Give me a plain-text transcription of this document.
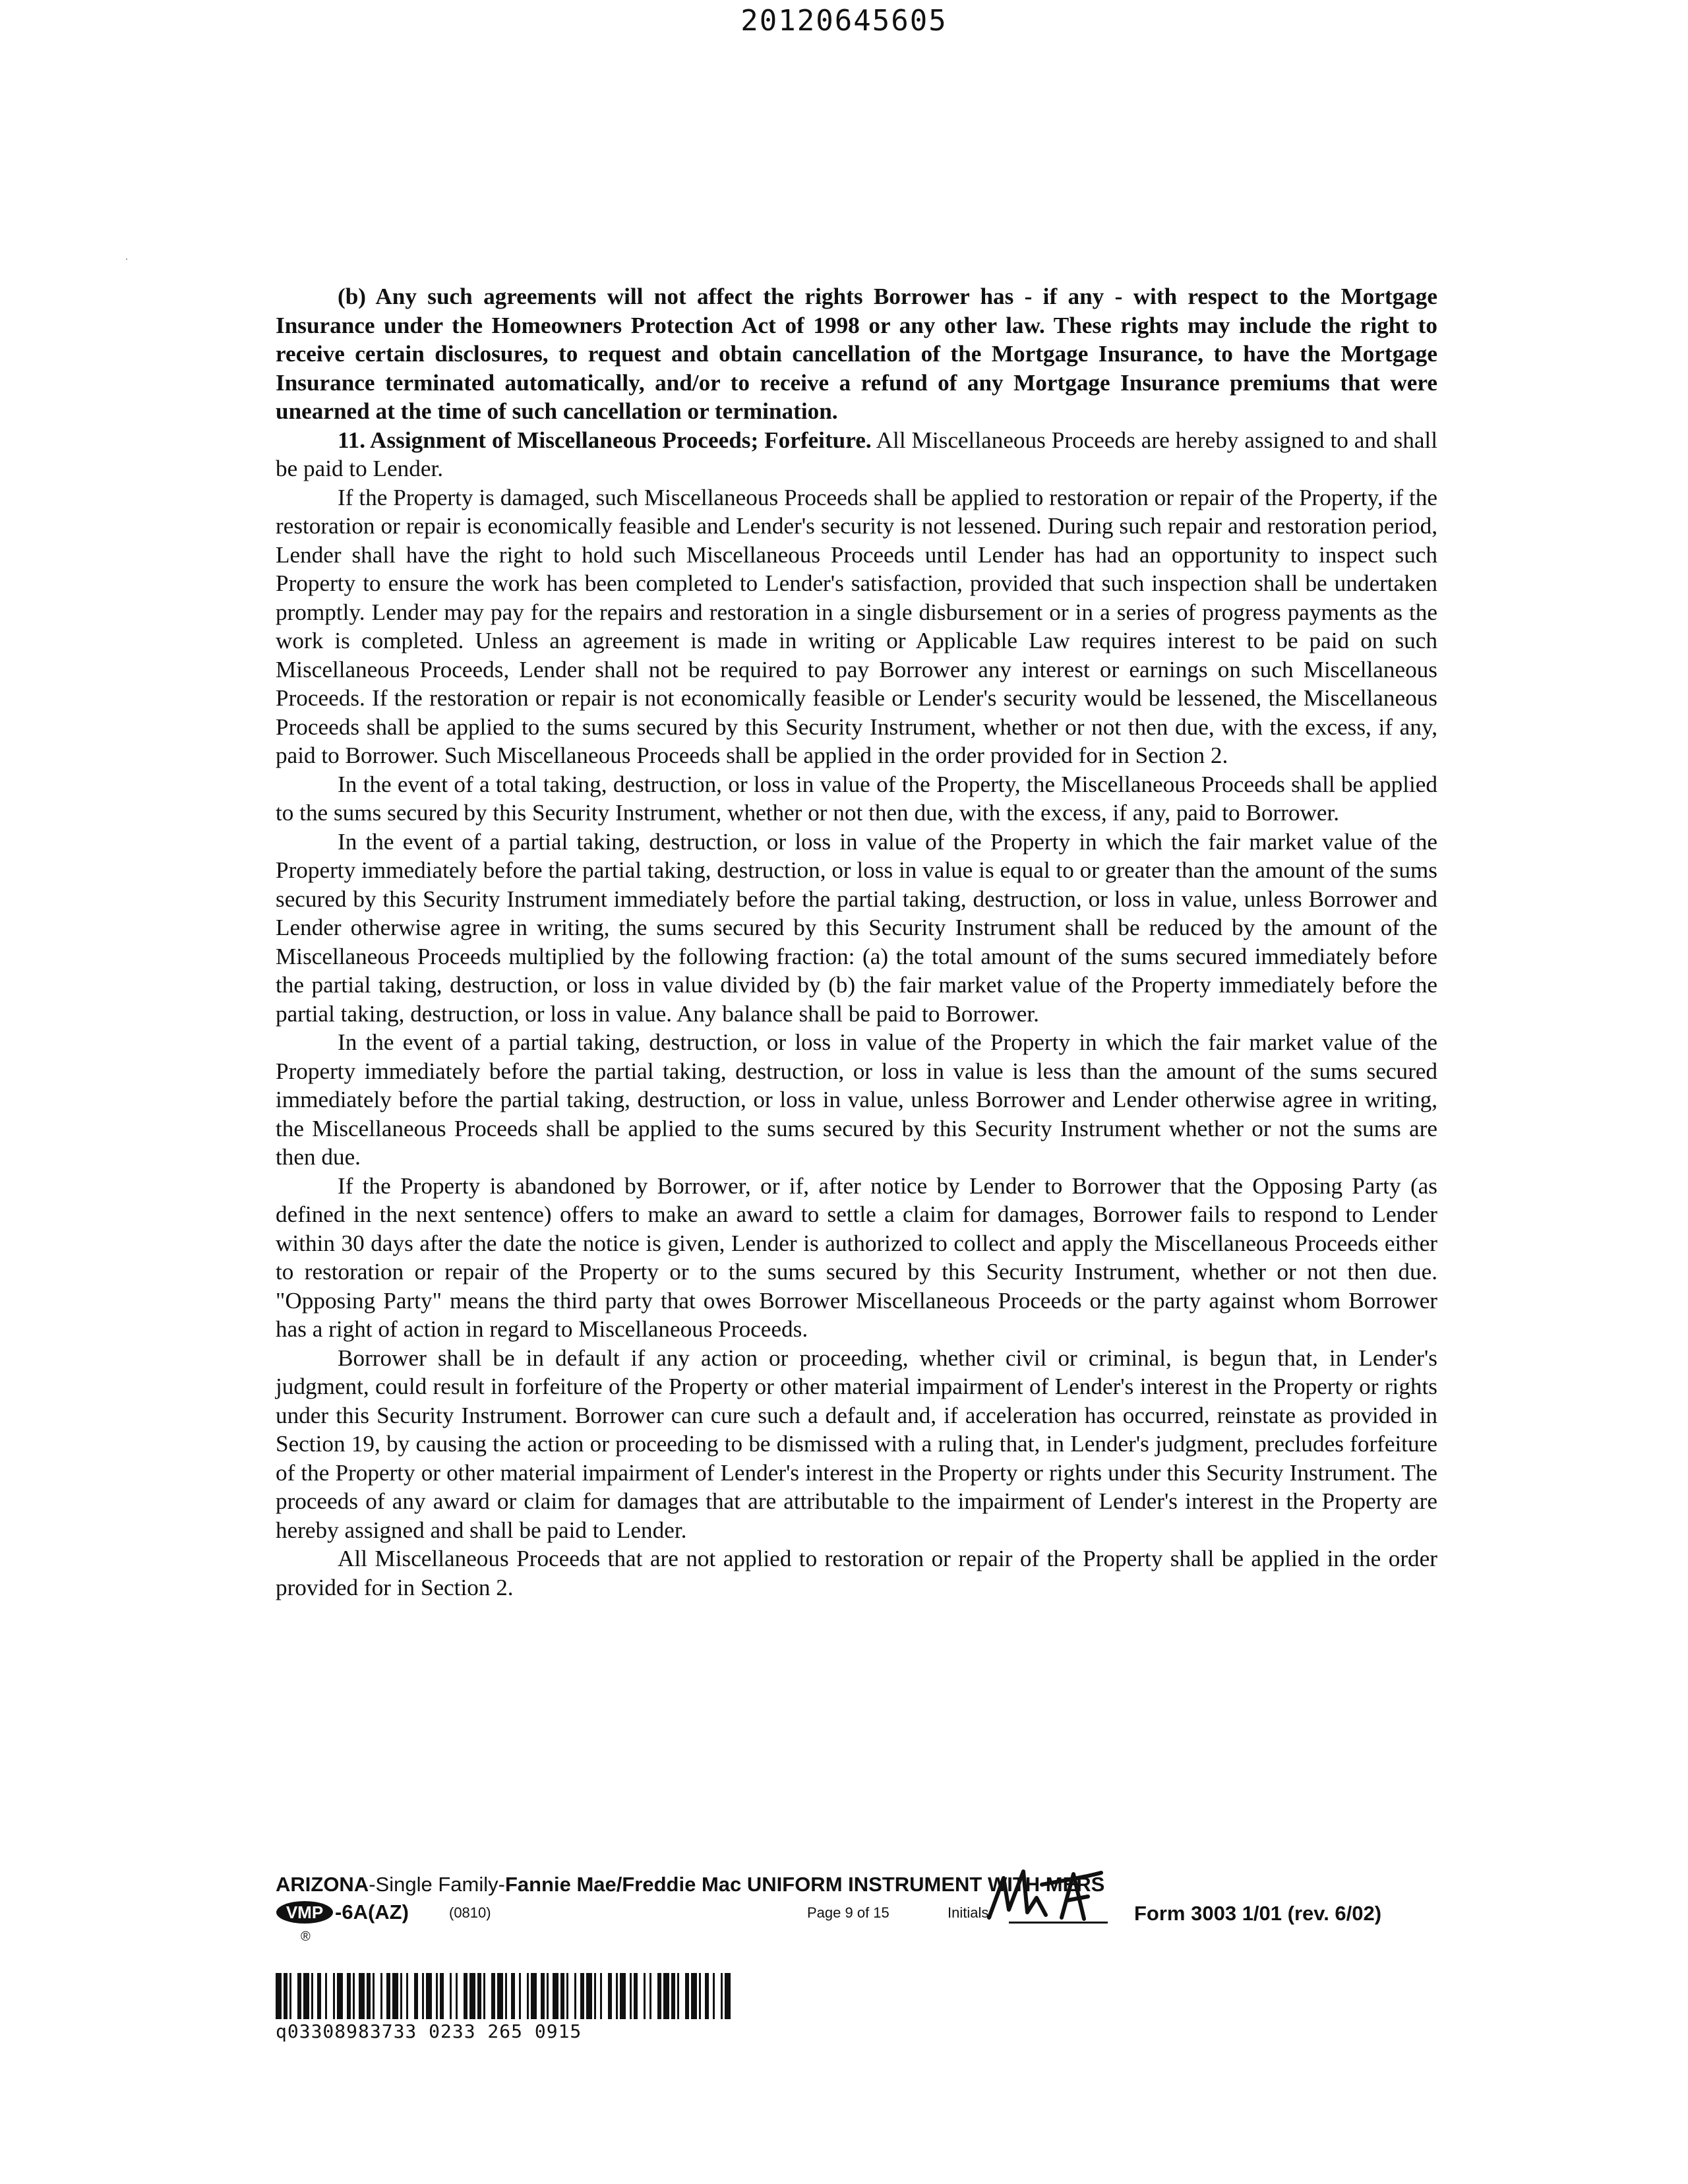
20120645605

(b) Any such agreements will not affect the rights Borrower has - if any - with respect to the Mortgage Insurance under the Homeowners Protection Act of 1998 or any other law. These rights may include the right to receive certain disclosures, to request and obtain cancellation of the Mortgage Insurance, to have the Mortgage Insurance terminated automatically, and/or to receive a refund of any Mortgage Insurance premiums that were unearned at the time of such cancellation or termination.

11. Assignment of Miscellaneous Proceeds; Forfeiture. All Miscellaneous Proceeds are hereby assigned to and shall be paid to Lender.

If the Property is damaged, such Miscellaneous Proceeds shall be applied to restoration or repair of the Property, if the restoration or repair is economically feasible and Lender's security is not lessened. During such repair and restoration period, Lender shall have the right to hold such Miscellaneous Proceeds until Lender has had an opportunity to inspect such Property to ensure the work has been completed to Lender's satisfaction, provided that such inspection shall be undertaken promptly. Lender may pay for the repairs and restoration in a single disbursement or in a series of progress payments as the work is completed. Unless an agreement is made in writing or Applicable Law requires interest to be paid on such Miscellaneous Proceeds, Lender shall not be required to pay Borrower any interest or earnings on such Miscellaneous Proceeds. If the restoration or repair is not economically feasible or Lender's security would be lessened, the Miscellaneous Proceeds shall be applied to the sums secured by this Security Instrument, whether or not then due, with the excess, if any, paid to Borrower. Such Miscellaneous Proceeds shall be applied in the order provided for in Section 2.

In the event of a total taking, destruction, or loss in value of the Property, the Miscellaneous Proceeds shall be applied to the sums secured by this Security Instrument, whether or not then due, with the excess, if any, paid to Borrower.

In the event of a partial taking, destruction, or loss in value of the Property in which the fair market value of the Property immediately before the partial taking, destruction, or loss in value is equal to or greater than the amount of the sums secured by this Security Instrument immediately before the partial taking, destruction, or loss in value, unless Borrower and Lender otherwise agree in writing, the sums secured by this Security Instrument shall be reduced by the amount of the Miscellaneous Proceeds multiplied by the following fraction: (a) the total amount of the sums secured immediately before the partial taking, destruction, or loss in value divided by (b) the fair market value of the Property immediately before the partial taking, destruction, or loss in value. Any balance shall be paid to Borrower.

In the event of a partial taking, destruction, or loss in value of the Property in which the fair market value of the Property immediately before the partial taking, destruction, or loss in value is less than the amount of the sums secured immediately before the partial taking, destruction, or loss in value, unless Borrower and Lender otherwise agree in writing, the Miscellaneous Proceeds shall be applied to the sums secured by this Security Instrument whether or not the sums are then due.

If the Property is abandoned by Borrower, or if, after notice by Lender to Borrower that the Opposing Party (as defined in the next sentence) offers to make an award to settle a claim for damages, Borrower fails to respond to Lender within 30 days after the date the notice is given, Lender is authorized to collect and apply the Miscellaneous Proceeds either to restoration or repair of the Property or to the sums secured by this Security Instrument, whether or not then due. "Opposing Party" means the third party that owes Borrower Miscellaneous Proceeds or the party against whom Borrower has a right of action in regard to Miscellaneous Proceeds.

Borrower shall be in default if any action or proceeding, whether civil or criminal, is begun that, in Lender's judgment, could result in forfeiture of the Property or other material impairment of Lender's interest in the Property or rights under this Security Instrument. Borrower can cure such a default and, if acceleration has occurred, reinstate as provided in Section 19, by causing the action or proceeding to be dismissed with a ruling that, in Lender's judgment, precludes forfeiture of the Property or other material impairment of Lender's interest in the Property or rights under this Security Instrument. The proceeds of any award or claim for damages that are attributable to the impairment of Lender's interest in the Property are hereby assigned and shall be paid to Lender.

All Miscellaneous Proceeds that are not applied to restoration or repair of the Property shall be applied in the order provided for in Section 2.

ARIZONA-Single Family-Fannie Mae/Freddie Mac UNIFORM INSTRUMENT WITH MERS
VMP -6A(AZ)	(0810)	Page 9 of 15	Initials:	Form 3003 1/01 (rev. 6/02)
®
q03308983733 0233 265 0915
